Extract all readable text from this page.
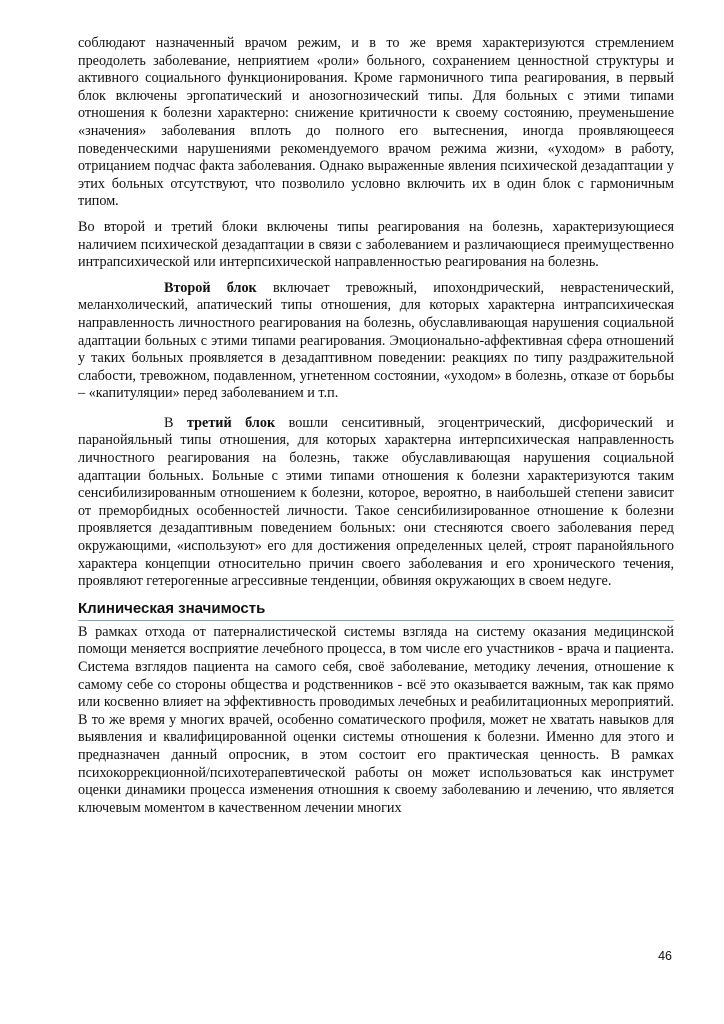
соблюдают назначенный врачом режим, и в то же время характеризуются стремлением преодолеть заболевание, неприятием «роли» больного, сохранением ценностной структуры и активного социального функционирования. Кроме гармоничного типа реагирования, в первый блок включены эргопатический и анозогнозический типы. Для больных с этими типами отношения к болезни характерно: снижение критичности к своему состоянию, преуменьшение «значения» заболевания вплоть до полного его вытеснения, иногда проявляющееся поведенческими нарушениями рекомендуемого врачом режима жизни, «уходом» в работу, отрицанием подчас факта заболевания. Однако выраженные явления психической дезадаптации у этих больных отсутствуют, что позволило условно включить их в один блок с гармоничным типом.

Во второй и третий блоки включены типы реагирования на болезнь, характеризующиеся наличием психической дезадаптации в связи с заболеванием и различающиеся преимущественно интрапсихической или интерпсихической направленностью реагирования на болезнь.

Второй блок включает тревожный, ипохондрический, неврастенический, меланхолический, апатический типы отношения, для которых характерна интрапсихическая направленность личностного реагирования на болезнь, обуславливающая нарушения социальной адаптации больных с этими типами реагирования. Эмоционально-аффективная сфера отношений у таких больных проявляется в дезадаптивном поведении: реакциях по типу раздражительной слабости, тревожном, подавленном, угнетенном состоянии, «уходом» в болезнь, отказе от борьбы – «капитуляции» перед заболеванием и т.п.

В третий блок вошли сенситивный, эгоцентрический, дисфорический и паранойяльный типы отношения, для которых характерна интерпсихическая направленность личностного реагирования на болезнь, также обуславливающая нарушения социальной адаптации больных. Больные с этими типами отношения к болезни характеризуются таким сенсибилизированным отношением к болезни, которое, вероятно, в наибольшей степени зависит от преморбидных особенностей личности. Такое сенсибилизированное отношение к болезни проявляется дезадаптивным поведением больных: они стесняются своего заболевания перед окружающими, «используют» его для достижения определенных целей, строят паранойяльного характера концепции относительно причин своего заболевания и его хронического течения, проявляют гетерогенные агрессивные тенденции, обвиняя окружающих в своем недуге.

Клиническая значимость

В рамках отхода от патерналистической системы взгляда на систему оказания медицинской помощи меняется восприятие лечебного процесса, в том числе его участников - врача и пациента. Система взглядов пациента на самого себя, своё заболевание, методику лечения, отношение к самому себе со стороны общества и родственников - всё это оказывается важным, так как прямо или косвенно влияет на эффективность проводимых лечебных и реабилитационных мероприятий. В то же время у многих врачей, особенно соматического профиля, может не хватать навыков для выявления и квалифицированной оценки системы отношения к болезни. Именно для этого и предназначен данный опросник, в этом состоит его практическая ценность. В рамках психокоррекционной/психотерапевтической работы он может использоваться как инструмет оценки динамики процесса изменения отношния к своему заболеванию и лечению, что является ключевым моментом в качественном лечении многих

46
